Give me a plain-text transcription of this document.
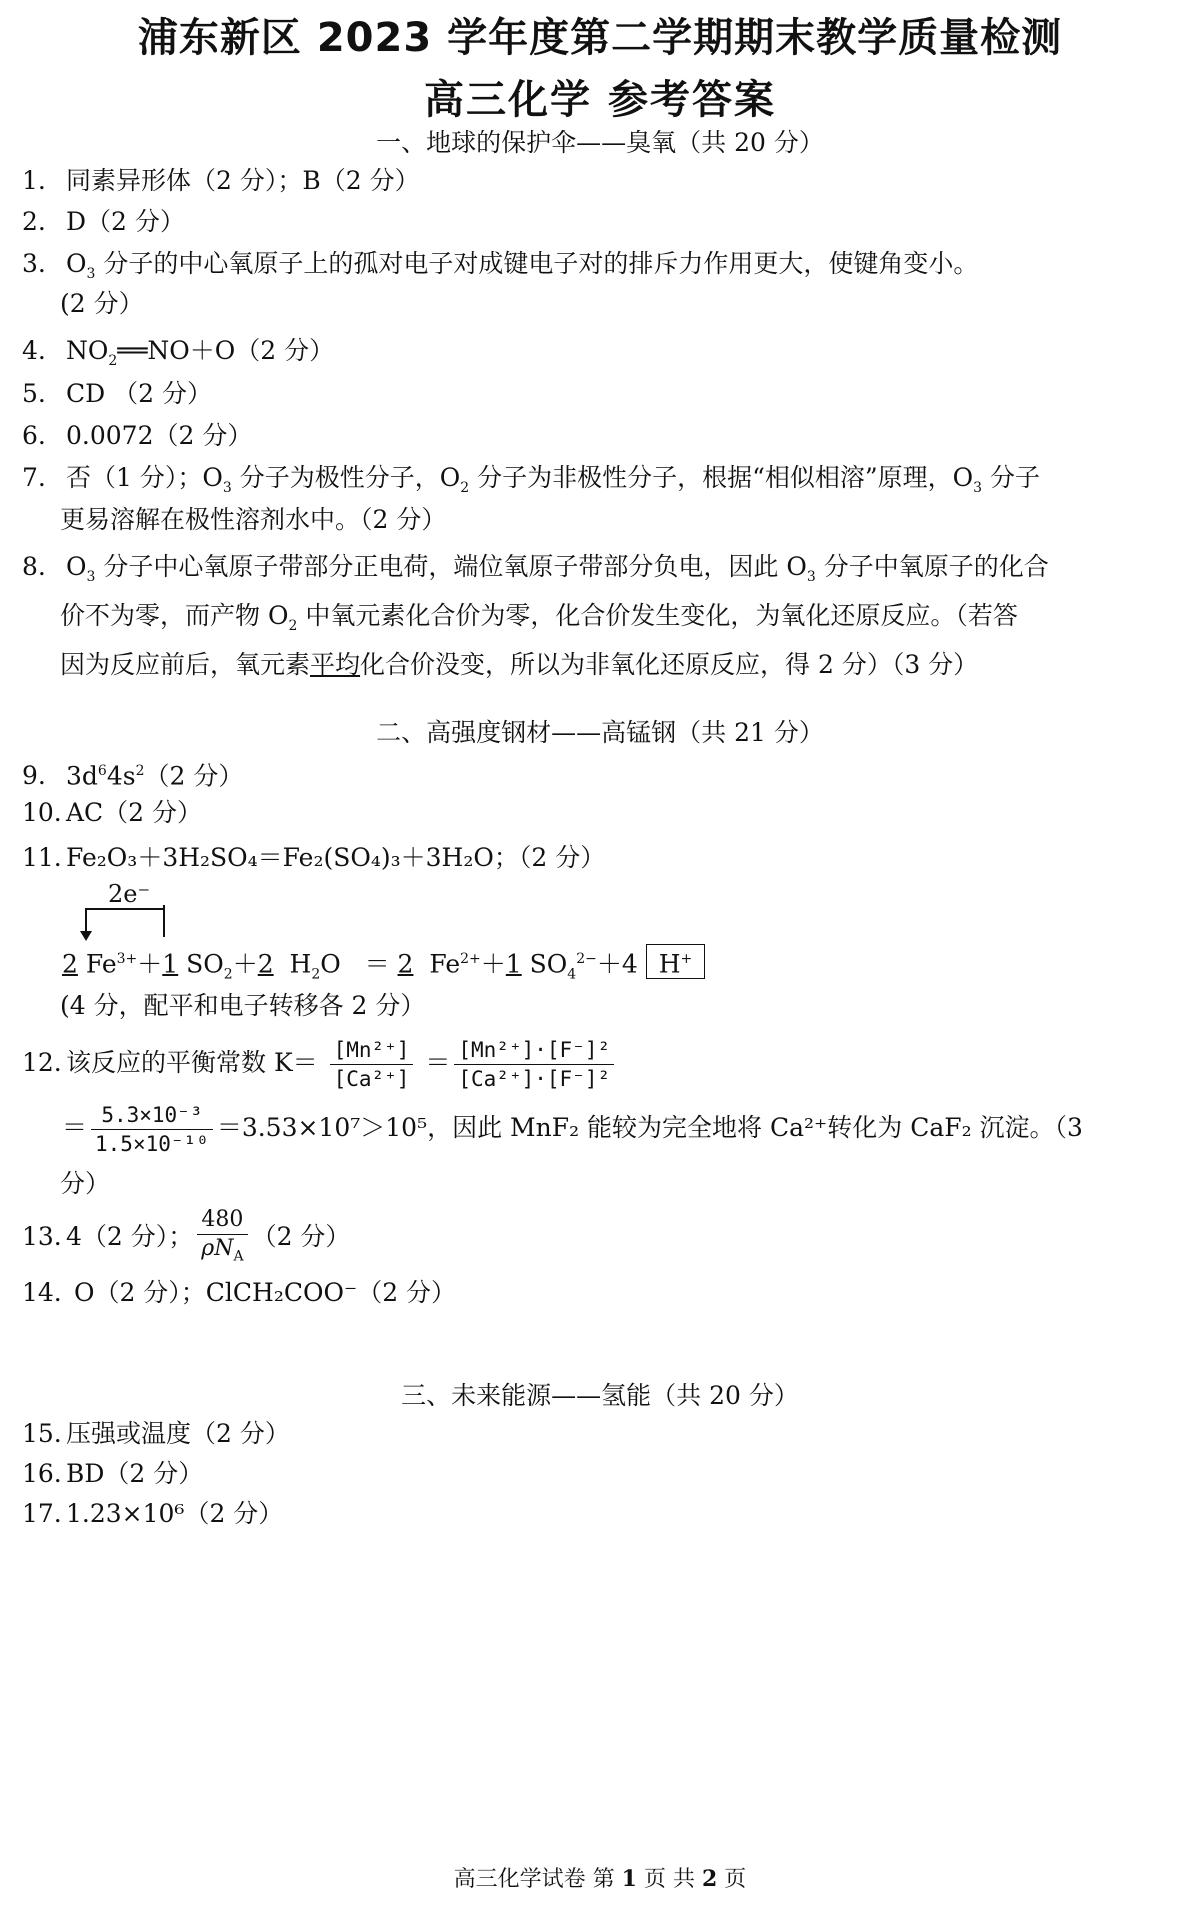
浦东新区 2023 学年度第二学期期末教学质量检测
高三化学 参考答案
一、地球的保护伞——臭氧（共 20 分）
1. 同素异形体（2 分）；B（2 分）
2. D（2 分）
3. $O_3$ 分子的中心氧原子上的孤对电子对成键电子对的排斥力作用更大，使键角变小。
(2 分）
4. $NO_2══NO+O(2$ 分）
5. CD （2 分）
6. 0.0072（2 分）
7. 否（1 分）；$O_3$ 分子为极性分子，$O_2$ 分子为非极性分子，根据“相似相溶”原理，$O_3$ 分子
更易溶解在极性溶剂水中。（2 分）
8. $O_3$ 分子中心氧原子带部分正电荷，端位氧原子带部分负电，因此 $O_3$ 分子中氧原子的化合
价不为零，而产物 $O_2$ 中氧元素化合价为零，化合价发生变化，为氧化还原反应。（若答
因为反应前后，氧元素平均化合价没变，所以为非氧化还原反应，得 2 分）（3 分）
二、高强度钢材——高锰钢（共 21 分）
9. $3d^64s^2(2$ 分）
10. AC（2 分）
11. Fe₂O₃＋3H₂SO₄＝Fe₂(SO₄)₃＋3H₂O；（2 分）
2e⁻
2 $Fe^{3+}+1$ $SO_2+2$  $H_2O = 2$  $Fe^{2+}+1$ $SO_4^{2-}+4$ H+
(4 分，配平和电子转移各 2 分）
12. 该反应的平衡常数 $K= \frac{\text{[Mn²⁺]}}{\text{[Ca²⁺]}} = \frac{\text{[Mn²⁺]·[F⁻]²}}{\text{[Ca²⁺]·[F⁻]²}}$
＝ $\frac{\text{5.3×10⁻³}}{\text{1.5×10⁻¹⁰}} =3.53\times 10^7>10^5$，因此 MnF₂ 能较为完全地将 Ca²⁺转化为 CaF₂ 沉淀。（3
分）
13. 4（2 分）； $\frac{480}{\rho N_A} (2$ 分）
14. O（2 分）；ClCH₂COO⁻（2 分）
三、未来能源——氢能（共 20 分）
15. 压强或温度（2 分）
16. BD（2 分）
17. 1.23×10⁶（2 分）
高三化学试卷 第 1 页 共 2 页
